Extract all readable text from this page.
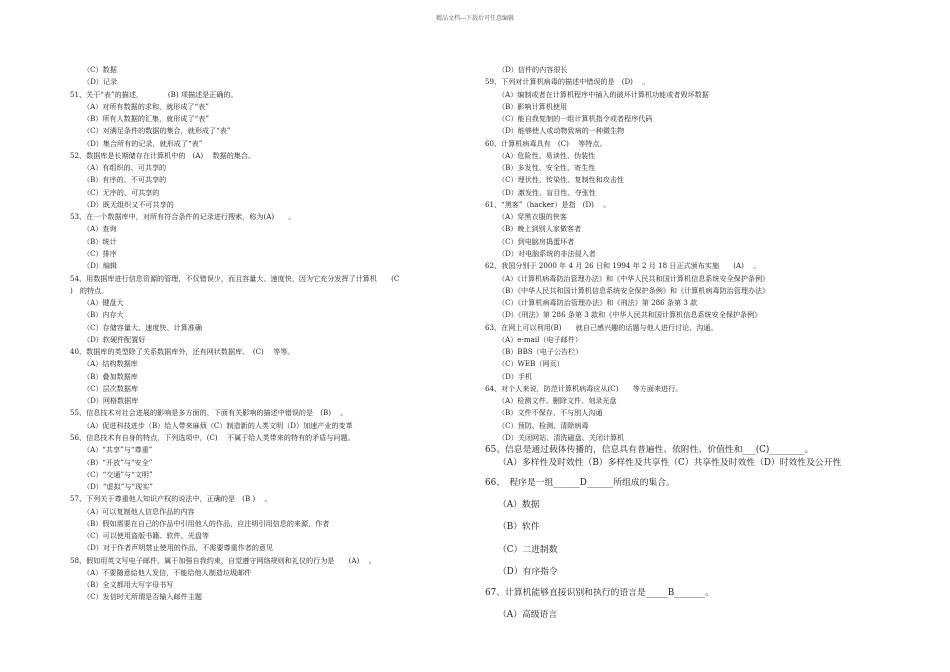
精品文档---下载后可任意编辑
（C）数据
（D）记录
51、关于“表”的描述，　　　　(B) 项描述是正确的。
（A）对所有数据的求和，就形成了“表”
（B）所有人数据的汇集，就形成了“表”
（C）对满足条件的数据的集合，就形成了“表”
（D）集合所有的记录，就形成了“表”
52、数据库是长期储存在计算机中的　(A)　 数据的集合。
（A）有组织的、可共享的
（B）有序的、不可共享的
（C）无序的、可共享的
（D）既无组织又不可共享的
53、在一个数据库中，对所有符合条件的记录进行搜索，称为(A)　　。
（A）查询
（B）统计
（C）排序
（D）编辑
54、用数据库进行信息资源的管理，不仅错误少，而且容量大、速度快，因为它充分发挥了计算机　　(C
)　的特点。
（A）键盘大
（B）内存大
（C）存储容量大、速度快、计算准确
（D）软硬件配置好
40、数据库的类型除了关系数据库外，还有网状数据库、　(C)　 等等。
（A）结构数据库
（B）叠加数据库
（C）层次数据库
（D）网格数据库
55、信息技术对社会进展的影响是多方面的，下面有关影响的描述中错误的是　(B)　 。
（A）促进科技进步（B）给人带来麻烦（C）制造新的人类文明（D）加速产业的变革
56、信息技术有自身的特点，下列选项中，(C)　 不属于给人类带来的特有的矛盾与问题。
（A）“共享”与“尊重”
（B）“开放”与“安全”
（C）“交通”与“文明”
（D）“虚拟”与“现实”
57、下列关于尊重他人知识产权的说法中，正确的是　(B )　 。
（A）可以复制他人信息作品的内容
（B）假如需要在自己的作品中引用他人的作品，应注明引用信息的来源、作者
（C）可以使用盗版书籍、软件、光盘等
（D）对于作者声明禁止使用的作品，不需要尊重作者的意见
58、假如用英文写电子邮件，属于加强自我约束，自觉遵守网络规则和礼仪的行为是　　(A)　 。
（A）不要随意給他人发信，不能给他人制造垃圾邮件
（B）全文都用大写字母书写
（C）发信时无所谓是否输入邮件主题
（D）信件的内容很长
59、下列对计算机病毒的描述中错误的是　(D)　 。
（A）编制或者在计算机程序中插入的破坏计算机功能或者毁坏数据
（B）影响计算机使用
（C）能自我复制的一组计算机指令或者程序代码
（D）能够使人或动物致病的一种微生物
60、计算机病毒具有　(C)　 等特点。
（A）危险性、易读性、伪装性
（B）多发性、安全性、寄生性
（C）埋伏性、传染性、复制性和攻击性
（D）激发性、盲目性、夺张性
61、“黑客”（hacker）是指　(D)　 。
（A）穿黑衣服的侠客
（B）晚上到别人家做客者
（C）到电脑房捣蛋坏者
（D）对电脑系统的非法侵入者
62、我国分别于 2000 年 4 月 26 日和 1994 年 2 月 18 日正式颁布实施　　(A)　 。
（A）《计算机病毒防治管理办法》和《中华人民共和国计算机信息系统安全保护条例》
（B）《中华人民共和国计算机信息系统安全保护条例》和《计算机病毒防治管理办法》
（C）《计算机病毒防治管理办法》和《刑法》第 286 条第 3 款
（D）《刑法》第 286 条第 3 款和《中华人民共和国计算机信息系统安全保护条例》
63、在网上可以利用(B)　　就自己感兴趣的话题与他人进行讨论、沟通。
（A）e-mail（电子邮件）
（B）BBS（电子公告栏）
（C）WEB（网页）
（D）手机
64、对个人来说，防范计算机病毒应从(C)　　等方面来进行。
（A）检测文件、删除文件、刻录光盘
（B）文件不保存、不与别人沟通
（C）预防、检测、清除病毒
（D）关闭网站、清洗磁盘、关闭计算机
65、信息是通过载体传播的，信息具有普遍性、依附性、价值性和___(C)________。
（A）多样性及时效性（B）多样性及共享性（C）共享性及时效性（D）时效性及公开性
66、　程序是一组______D______所组成的集合。
（A）数据
（B）软件
（C）二进制数
（D）有序指令
67、计算机能够直接识别和执行的语言是_____B_______。
（A）高级语言
